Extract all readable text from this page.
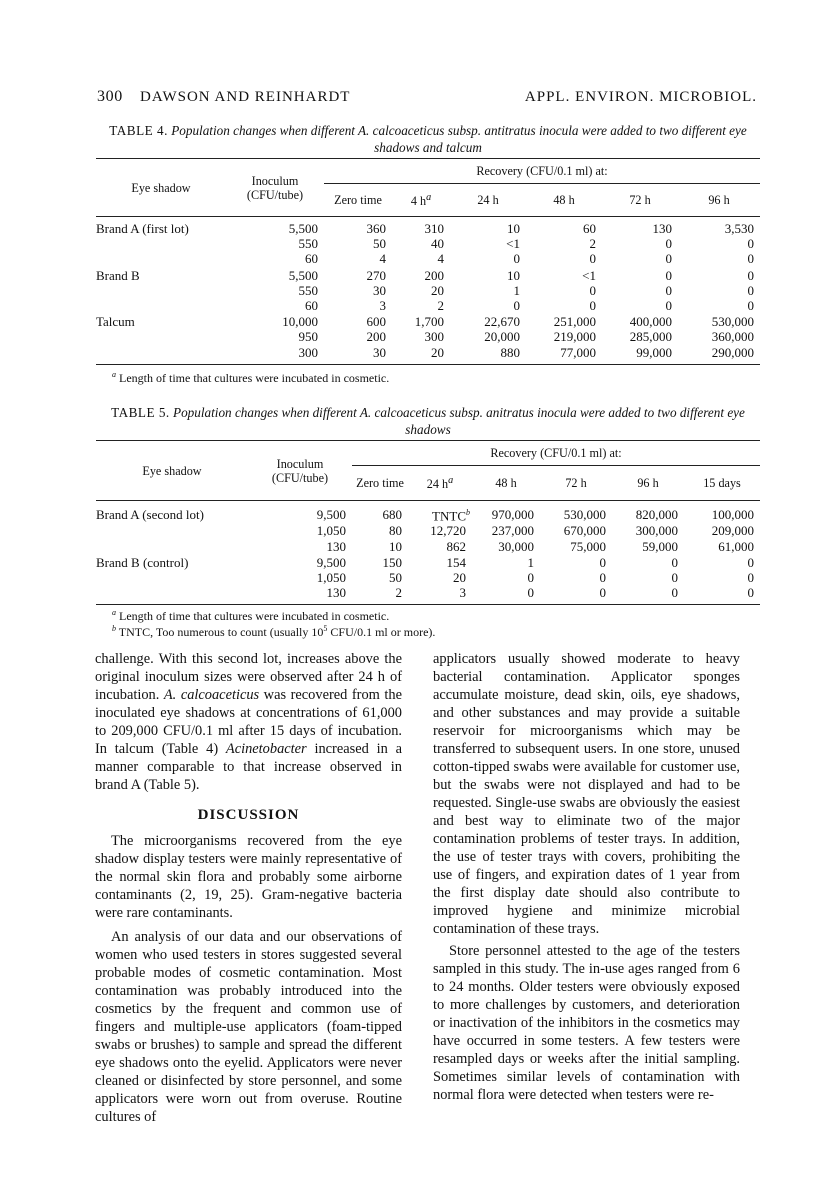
300 DAWSON AND REINHARDT	APPL. ENVIRON. MICROBIOL.
TABLE 4. Population changes when different A. calcoaceticus subsp. antitratus inocula were added to two different eye shadows and talcum
Eye shadow	Inoculum (CFU/tube)	Recovery (CFU/0.1 ml) at:					
		Zero time	4 $h^a$	24 h	48 h	72 h	96 h
Brand A (first lot)	5,500	360	310	10	60	130	3,530
	550	50	40	<1	2	0	0
	60	4	4	0	0	0	0
Brand B	5,500	270	200	10	<1	0	0
	550	30	20	1	0	0	0
	60	3	2	0	0	0	0
Talcum	10,000	600	1,700	22,670	251,000	400,000	530,000
	950	200	300	20,000	219,000	285,000	360,000
	300	30	20	880	77,000	99,000	290,000
$^a$ Length of time that cultures were incubated in cosmetic.
TABLE 5. Population changes when different A. calcoaceticus subsp. anitratus inocula were added to two different eye shadows
Eye shadow	Inoculum (CFU/tube)	Recovery (CFU/0.1 ml) at:					
		Zero time	24 $h^a$	48 h	72 h	96 h	15 days
Brand A (second lot)	9,500	680	TNTC$^b$	970,000	530,000	820,000	100,000
	1,050	80	12,720	237,000	670,000	300,000	209,000
	130	10	862	30,000	75,000	59,000	61,000
Brand B (control)	9,500	150	154	1	0	0	0
	1,050	50	20	0	0	0	0
	130	2	3	0	0	0	0
$^a$ Length of time that cultures were incubated in cosmetic.
$^b$ TNTC, Too numerous to count (usually $10^5$ CFU/0.1 ml or more).

challenge. With this second lot, increases above the original inoculum sizes were observed after 24 h of incubation. A. calcoaceticus was recovered from the inoculated eye shadows at concentrations of 61,000 to 209,000 CFU/0.1 ml after 15 days of incubation. In talcum (Table 4) Acinetobacter increased in a manner comparable to that increase observed in brand A (Table 5).

DISCUSSION

The microorganisms recovered from the eye shadow display testers were mainly representative of the normal skin flora and probably some airborne contaminants (2, 19, 25). Gram-negative bacteria were rare contaminants.

An analysis of our data and our observations of women who used testers in stores suggested several probable modes of cosmetic contamination. Most contamination was probably introduced into the cosmetics by the frequent and common use of fingers and multiple-use applicators (foam-tipped swabs or brushes) to sample and spread the different eye shadows onto the eyelid. Applicators were never cleaned or disinfected by store personnel, and some applicators were worn out from overuse. Routine cultures of

applicators usually showed moderate to heavy bacterial contamination. Applicator sponges accumulate moisture, dead skin, oils, eye shadows, and other substances and may provide a suitable reservoir for microorganisms which may be transferred to subsequent users. In one store, unused cotton-tipped swabs were available for customer use, but the swabs were not displayed and had to be requested. Single-use swabs are obviously the easiest and best way to eliminate two of the major contamination problems of tester trays. In addition, the use of tester trays with covers, prohibiting the use of fingers, and expiration dates of 1 year from the first display date should also contribute to improved hygiene and minimize microbial contamination of these trays.

Store personnel attested to the age of the testers sampled in this study. The in-use ages ranged from 6 to 24 months. Older testers were obviously exposed to more challenges by customers, and deterioration or inactivation of the inhibitors in the cosmetics may have occurred in some testers. A few testers were resampled days or weeks after the initial sampling. Sometimes similar levels of contamination with normal flora were detected when testers were re-
